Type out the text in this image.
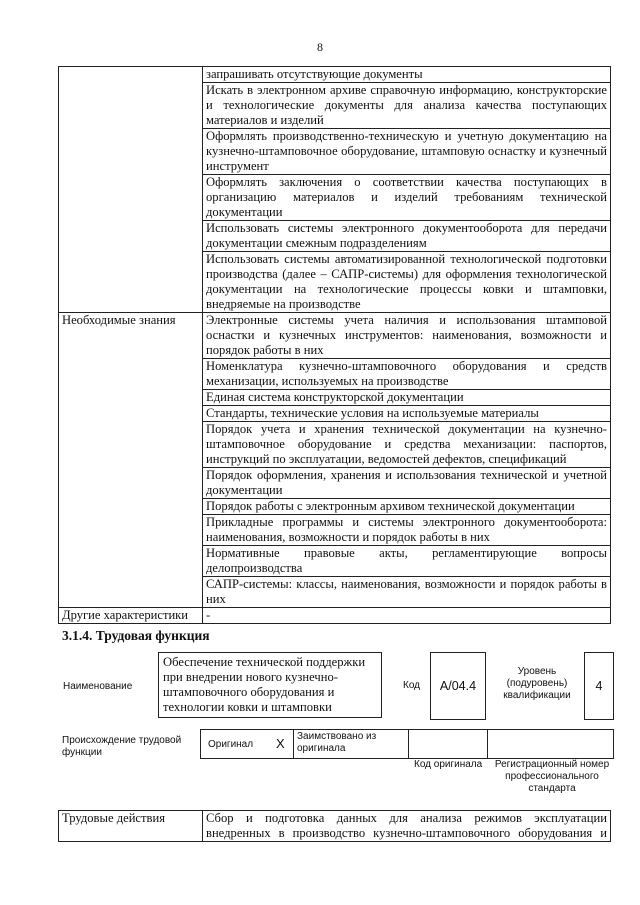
8
	запрашивать отсутствующие документы
	Искать в электронном архиве справочную информацию, конструкторские и технологические документы для анализа качества поступающих материалов и изделий
	Оформлять производственно-техническую и учетную документацию на кузнечно-штамповочное оборудование, штамповую оснастку и кузнечный инструмент
	Оформлять заключения о соответствии качества поступающих в организацию материалов и изделий требованиям технической документации
	Использовать системы электронного документооборота для передачи документации смежным подразделениям
	Использовать системы автоматизированной технологической подготовки производства (далее – САПР-системы) для оформления технологической документации на технологические процессы ковки и штамповки, внедряемые на производстве
Необходимые знания	Электронные системы учета наличия и использования штамповой оснастки и кузнечных инструментов: наименования, возможности и порядок работы в них
	Номенклатура кузнечно-штамповочного оборудования и средств механизации, используемых на производстве
	Единая система конструкторской документации
	Стандарты, технические условия на используемые материалы
	Порядок учета и хранения технической документации на кузнечно-штамповочное оборудование и средства механизации: паспортов, инструкций по эксплуатации, ведомостей дефектов, спецификаций
	Порядок оформления, хранения и использования технической и учетной документации
	Порядок работы с электронным архивом технической документации
	Прикладные программы и системы электронного документооборота: наименования, возможности и порядок работы в них
	Нормативные правовые акты, регламентирующие вопросы делопроизводства
	САПР-системы: классы, наименования, возможности и порядок работы в них
Другие характеристики	-
3.1.4. Трудовая функция
Наименование
Обеспечение технической поддержки при внедрении нового кузнечно-штамповочного оборудования и технологии ковки и штамповки
Код A/04.4
Уровень (подуровень) квалификации
4
Происхождение трудовой функции
Оригинал X Заимствовано из оригинала
Код оригинала	Регистрационный номер профессионального стандарта
Трудовые действия	Сбор и подготовка данных для анализа режимов эксплуатации внедренных в производство кузнечно-штамповочного оборудования и
